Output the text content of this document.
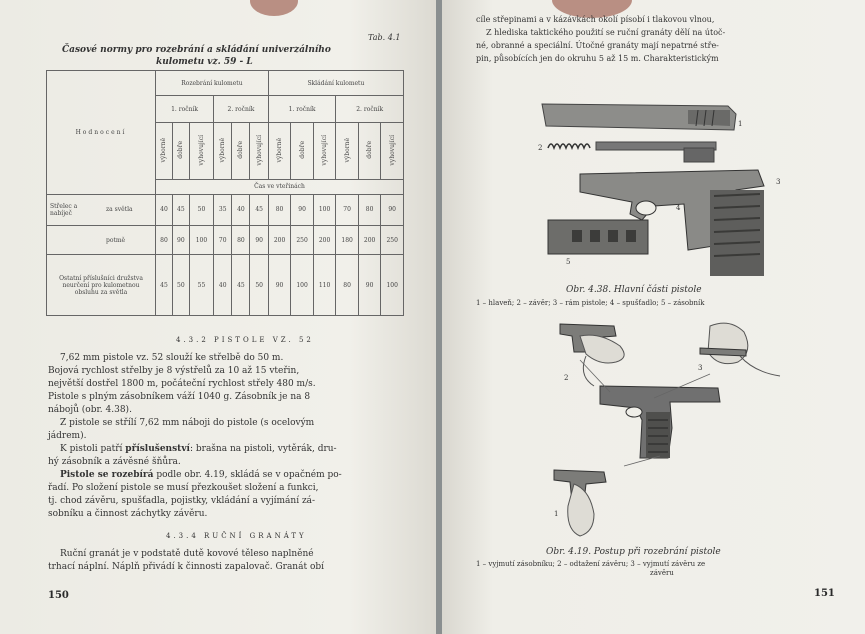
Tab. 4.1
Časové normy pro rozebrání a skládání univerzálního
kulometu vz. 59 - L
Hodnocení	Rozebrání kulometu						Skládání kulometu					
	1. ročník			2. ročník			1. ročník			2. ročník		
	výborně	dobře	vyhovující	výborně	dobře	vyhovující	výborně	dobře	vyhovující	výborně	dobře	vyhovující
	Čas ve vteřinách											

Střelec a nabíječ za světla	40	45	50	35	40	45	80	90	100	70	80	90
potmě	80	90	100	70	80	90	200	250	200	180	200	250
Ostatní příslušníci družstva neurčení pro kulometnou obsluhu za světla	45	50	55	40	45	50	90	100	110	80	90	100
4.3.2 PISTOLE VZ. 52
7,62 mm pistole vz. 52 slouží ke střelbě do 50 m.
Bojová rychlost střelby je 8 výstřelů za 10 až 15 vteřin,
největší dostřel 1800 m, počáteční rychlost střely 480 m/s.
Pistole s plným zásobníkem váží 1040 g. Zásobník je na 8
nábojů (obr. 4.38).
Z pistole se střílí 7,62 mm náboji do pistole (s ocelovým
jádrem).
K pistoli patří příslušenství: brašna na pistoli, vytěrák, dru-
hý zásobník a závěsné šňůra.
Pistole se rozebírá podle obr. 4.19, skládá se v opačném po-
řadí. Po složení pistole se musí přezkoušet složení a funkci,
tj. chod závěru, spušťadla, pojistky, vkládání a vyjímání zá-
sobníku a činnost záchytky závěru.
4.3.4 RUČNÍ GRANÁTY
Ruční granát je v podstatě dutě kovové těleso naplněné
trhací náplní. Náplň přivádí k činnosti zapalovač. Granát obí
150
cíle střepinami a v kázávkách okolí písobí i tlakovou vlnou,
Z hlediska taktického použití se ruční granáty dělí na útoč-
né, obranné a speciální. Útočné granáty mají nepatrné stře-
pin, působících jen do okruhu 5 až 15 m. Charakteristickým
1
2
3
4
5
Obr. 4.38. Hlavní části pistole
1 – hlaveň; 2 – závěr; 3 – rám pistole; 4 – spušťadlo; 5 – zásobník
2
3
1
Obr. 4.19. Postup při rozebrání pistole
1 – vyjmutí zásobníku; 2 – odtažení závěru; 3 – vyjmutí závěru ze
závěru
151
